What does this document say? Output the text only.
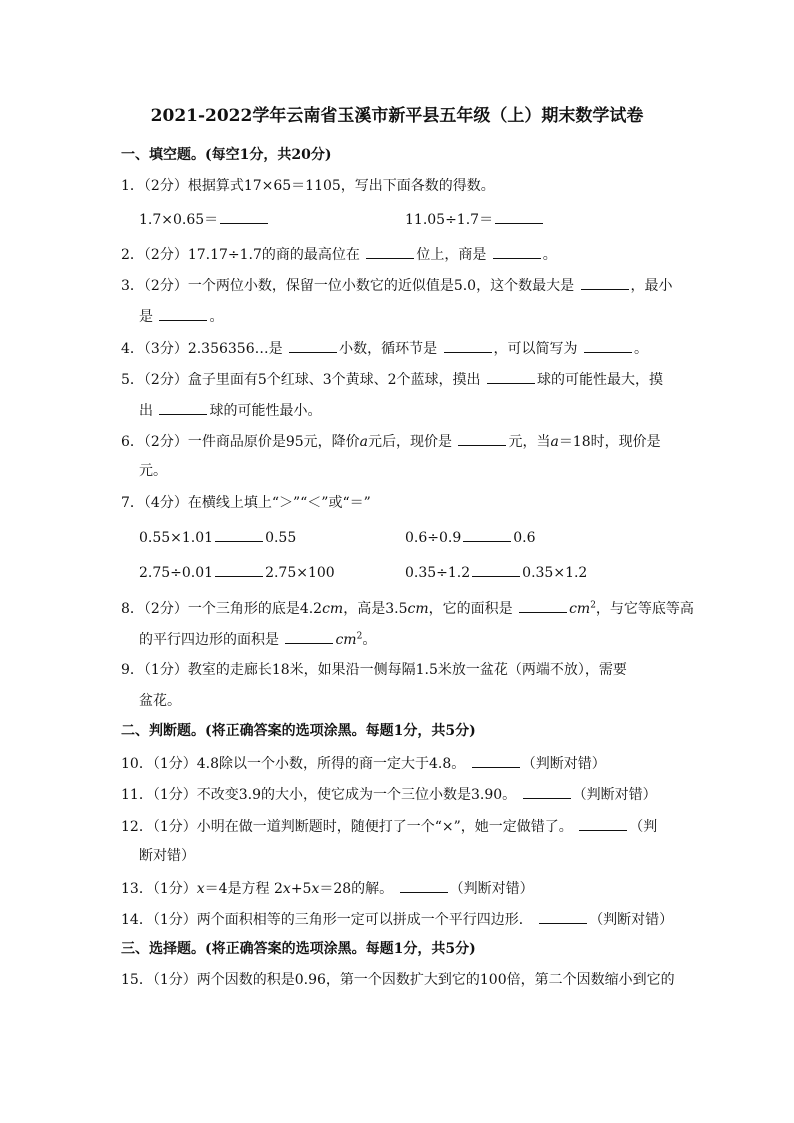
2021-2022学年云南省玉溪市新平县五年级（上）期末数学试卷
一、填空题。(每空1分，共20分)
1．（2分）根据算式17×65＝1105，写出下面各数的得数。
1.7×0.65＝	11.05÷1.7＝
2．（2分）17.17÷1.7的商的最高位在	位上，商是	。
3．（2分）一个两位小数，保留一位小数它的近似值是5.0，这个数最大是	，最小
是	。
4．（3分）2.356356…是	小数，循环节是	，可以简写为	。
5．（2分）盒子里面有5个红球、3个黄球、2个蓝球，摸出	球的可能性最大，摸
出	球的可能性最小。
6．（2分）一件商品原价是95元，降价a元后，现价是	元，当a＝18时，现价是
元。
7．（4分）在横线上填上“＞”“＜”或“＝”
0.55×1.01	0.55	0.6÷0.9	0.6
2.75÷0.01	2.75×100	0.35÷1.2	0.35×1.2
8．（2分）一个三角形的底是4.2cm，高是3.5cm，它的面积是	$cm^2$，与它等底等高
的平行四边形的面积是	$cm^2$。
9．（1分）教室的走廊长18米，如果沿一侧每隔1.5米放一盆花（两端不放），需要
盆花。
二、判断题。(将正确答案的选项涂黑。每题1分，共5分)
10．（1分）4.8除以一个小数，所得的商一定大于4.8。	（判断对错）
11．（1分）不改变3.9的大小，使它成为一个三位小数是3.90。	（判断对错）
12．（1分）小明在做一道判断题时，随便打了一个“×”，她一定做错了。	（判
断对错）
13．（1分）x＝4是方程 2x+5x＝28的解。	（判断对错）
14．（1分）两个面积相等的三角形一定可以拼成一个平行四边形．	（判断对错）
三、选择题。(将正确答案的选项涂黑。每题1分，共5分)
15．（1分）两个因数的积是0.96，第一个因数扩大到它的100倍，第二个因数缩小到它的
